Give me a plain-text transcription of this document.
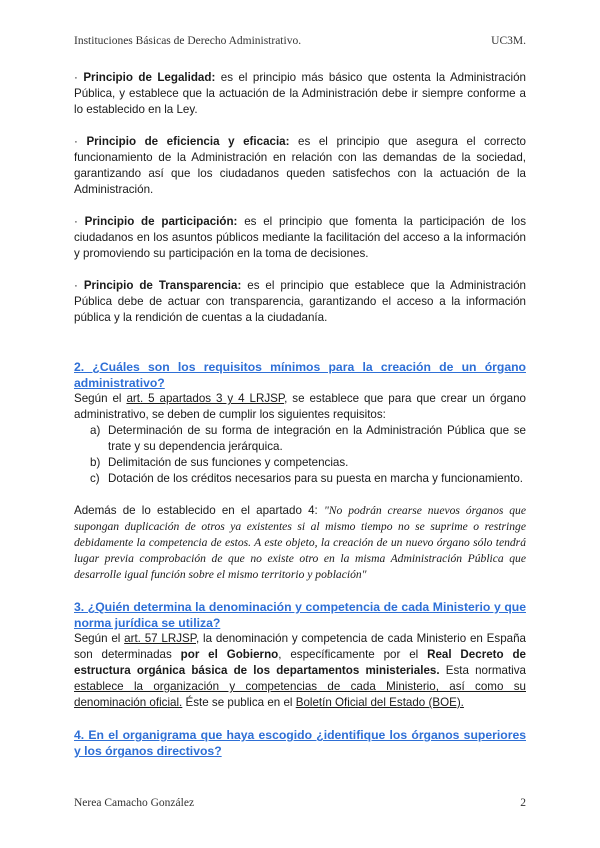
Instituciones Básicas de Derecho Administrativo.	UC3M.

· Principio de Legalidad: es el principio más básico que ostenta la Administración Pública, y establece que la actuación de la Administración debe ir siempre conforme a lo establecido en la Ley.

· Principio de eficiencia y eficacia: es el principio que asegura el correcto funcionamiento de la Administración en relación con las demandas de la sociedad, garantizando así que los ciudadanos queden satisfechos con la actuación de la Administración.

· Principio de participación: es el principio que fomenta la participación de los ciudadanos en los asuntos públicos mediante la facilitación del acceso a la información y promoviendo su participación en la toma de decisiones.

· Principio de Transparencia: es el principio que establece que la Administración Pública debe de actuar con transparencia, garantizando el acceso a la información pública y la rendición de cuentas a la ciudadanía.

2. ¿Cuáles son los requisitos mínimos para la creación de un órgano administrativo?

Según el art. 5 apartados 3 y 4 LRJSP, se establece que para que crear un órgano administrativo, se deben de cumplir los siguientes requisitos:

a) Determinación de su forma de integración en la Administración Pública que se trate y su dependencia jerárquica.
b) Delimitación de sus funciones y competencias.
c) Dotación de los créditos necesarios para su puesta en marcha y funcionamiento.

Además de lo establecido en el apartado 4: "No podrán crearse nuevos órganos que supongan duplicación de otros ya existentes si al mismo tiempo no se suprime o restringe debidamente la competencia de estos. A este objeto, la creación de un nuevo órgano sólo tendrá lugar previa comprobación de que no existe otro en la misma Administración Pública que desarrolle igual función sobre el mismo territorio y población"

3. ¿Quién determina la denominación y competencia de cada Ministerio y que norma jurídica se utiliza?

Según el art. 57 LRJSP, la denominación y competencia de cada Ministerio en España son determinadas por el Gobierno, específicamente por el Real Decreto de estructura orgánica básica de los departamentos ministeriales. Esta normativa establece la organización y competencias de cada Ministerio, así como su denominación oficial. Éste se publica en el Boletín Oficial del Estado (BOE).

4. En el organigrama que haya escogido ¿identifique los órganos superiores y los órganos directivos?

Nerea Camacho González	2
